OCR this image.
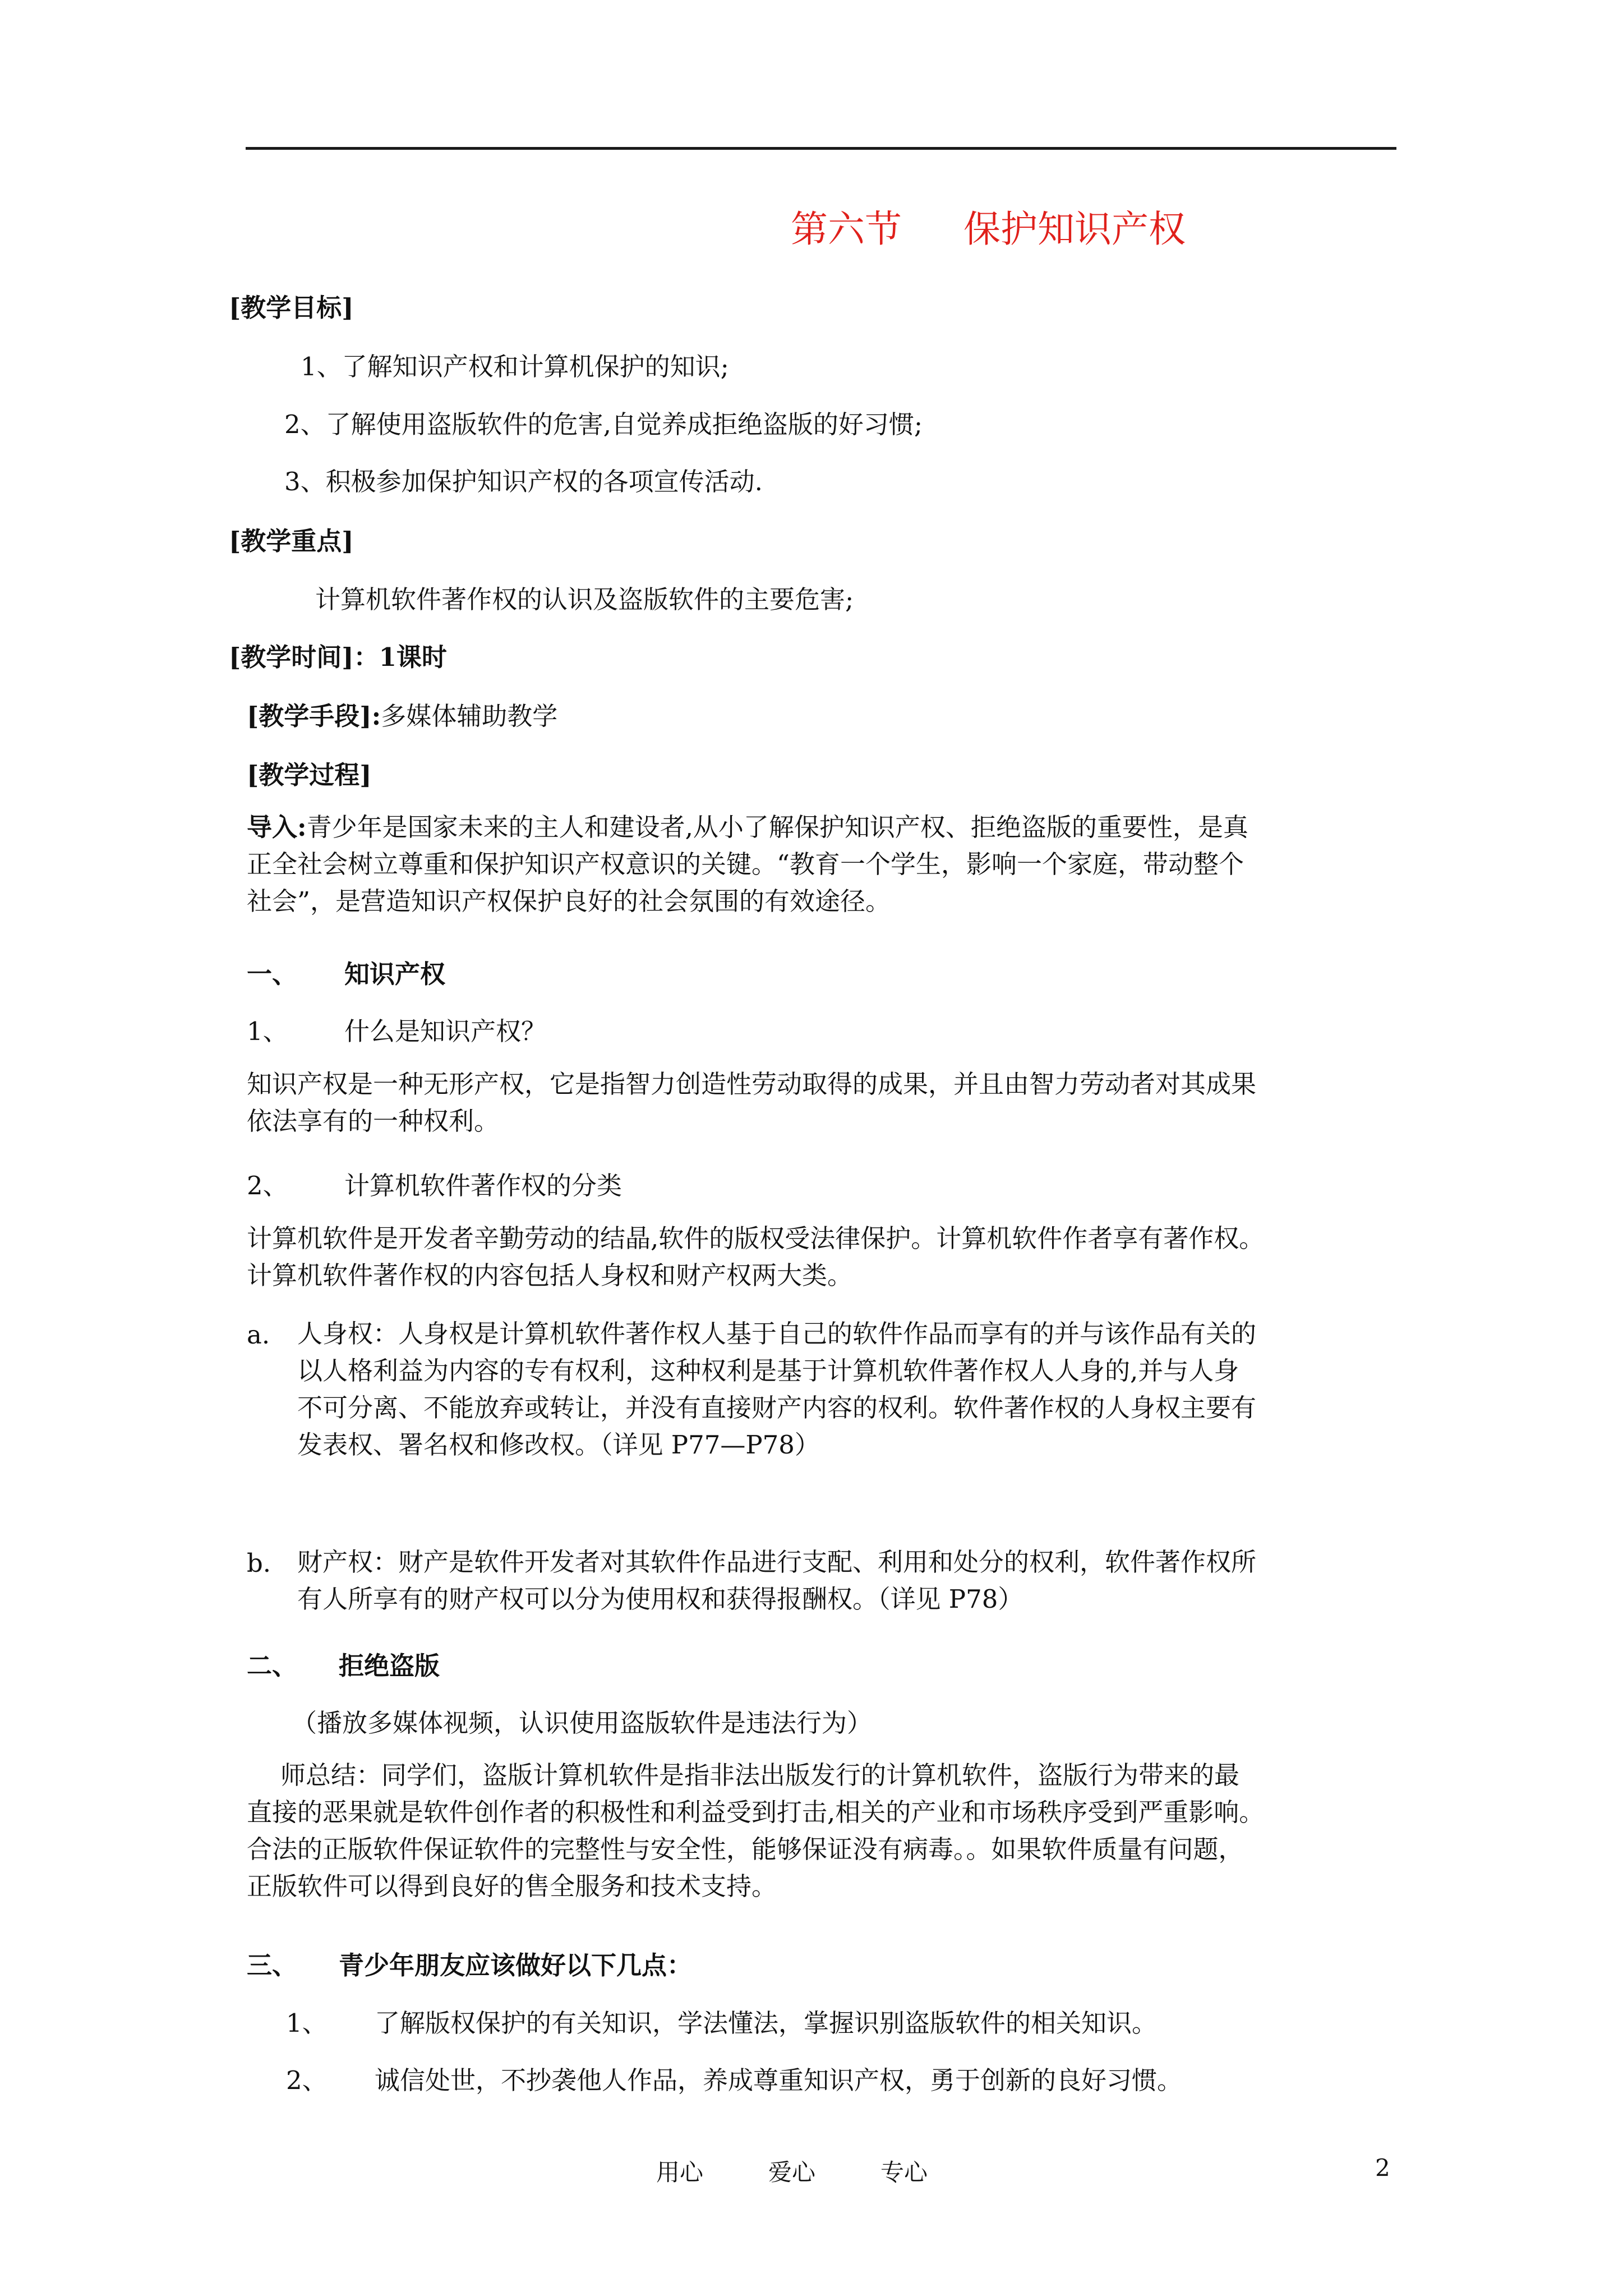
第六节 保护知识产权
[教学目标]
1、了解知识产权和计算机保护的知识;
2、了解使用盗版软件的危害,自觉养成拒绝盗版的好习惯;
3、积极参加保护知识产权的各项宣传活动.
[教学重点]
计算机软件著作权的认识及盗版软件的主要危害;
[教学时间]：1课时
[教学手段]:多媒体辅助教学
[教学过程]
导入:青少年是国家未来的主人和建设者,从小了解保护知识产权、拒绝盗版的重要性，是真
正全社会树立尊重和保护知识产权意识的关键。“教育一个学生，影响一个家庭，带动整个
社会”，是营造知识产权保护良好的社会氛围的有效途径。
一、 知识产权
1、 什么是知识产权？
知识产权是一种无形产权，它是指智力创造性劳动取得的成果，并且由智力劳动者对其成果
依法享有的一种权利。
2、 计算机软件著作权的分类
计算机软件是开发者辛勤劳动的结晶,软件的版权受法律保护。计算机软件作者享有著作权。
计算机软件著作权的内容包括人身权和财产权两大类。
a. 人身权：人身权是计算机软件著作权人基于自己的软件作品而享有的并与该作品有关的
以人格利益为内容的专有权利，这种权利是基于计算机软件著作权人人身的,并与人身
不可分离、不能放弃或转让，并没有直接财产内容的权利。软件著作权的人身权主要有
发表权、署名权和修改权。（详见 P77—P78）
b. 财产权：财产是软件开发者对其软件作品进行支配、利用和处分的权利，软件著作权所
有人所享有的财产权可以分为使用权和获得报酬权。（详见 P78）
二、 拒绝盗版
（播放多媒体视频，认识使用盗版软件是违法行为）
师总结：同学们，盗版计算机软件是指非法出版发行的计算机软件，盗版行为带来的最
直接的恶果就是软件创作者的积极性和利益受到打击,相关的产业和市场秩序受到严重影响。
合法的正版软件保证软件的完整性与安全性，能够保证没有病毒。。如果软件质量有问题，
正版软件可以得到良好的售全服务和技术支持。
三、 青少年朋友应该做好以下几点：
1、 了解版权保护的有关知识，学法懂法，掌握识别盗版软件的相关知识。
2、 诚信处世，不抄袭他人作品，养成尊重知识产权，勇于创新的良好习惯。
用心	爱心	专心	2
